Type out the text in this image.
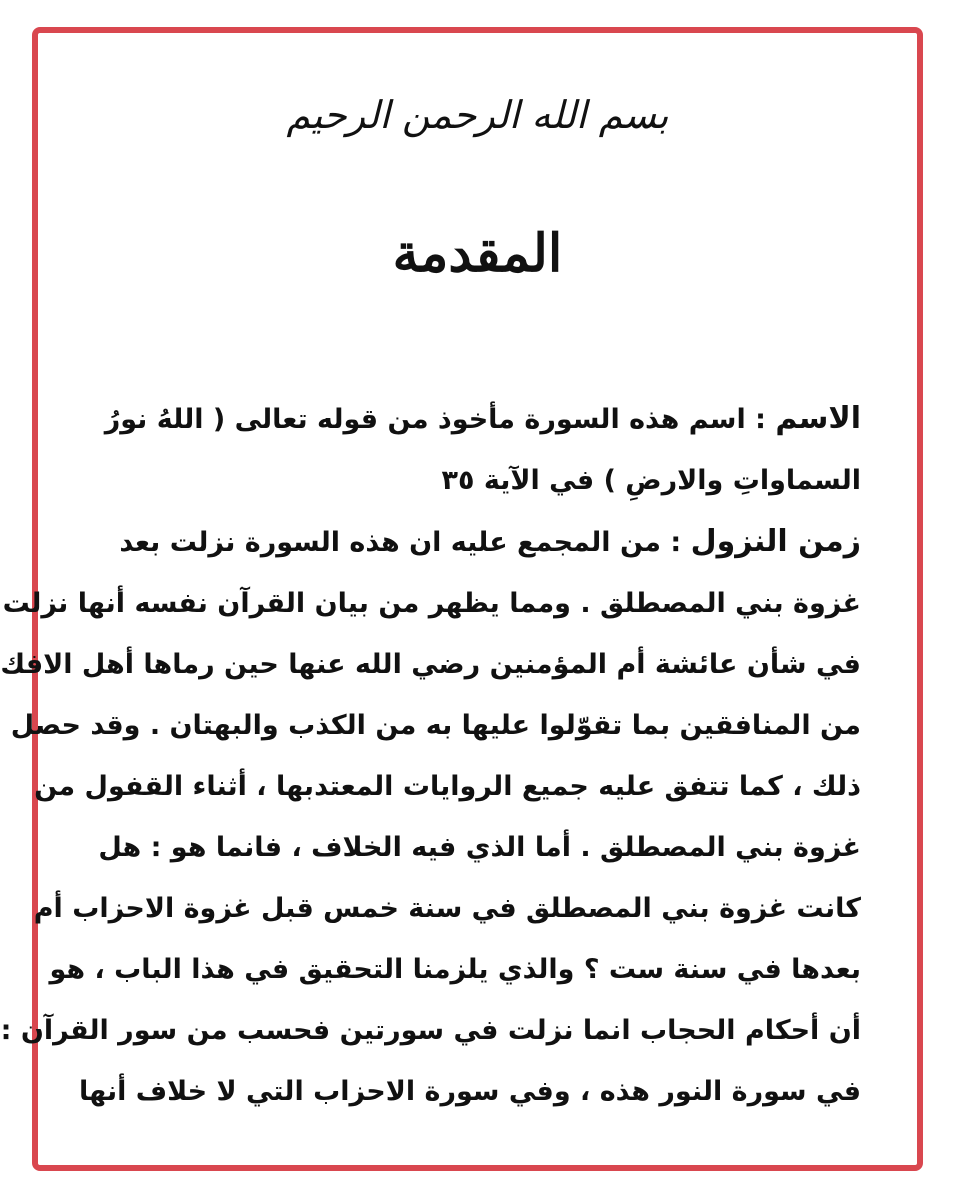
بسم الله الرحمن الرحيم
المقدمة
الاسم : اسم هذه السورة مأخوذ من قوله تعالى ( اللهُ نورُ
السماواتِ والارضِ ) في الآية ٣٥
زمن النزول : من المجمع عليه ان هذه السورة نزلت بعد
غزوة بني المصطلق . ومما يظهر من بيان القرآن نفسه أنها نزلت
في شأن عائشة أم المؤمنين رضي الله عنها حين رماها أهل الافك
من المنافقين بما تقوّلوا عليها به من الكذب والبهتان . وقد حصل
ذلك ، كما تتفق عليه جميع الروايات المعتدبها ، أثناء القفول من
غزوة بني المصطلق . أما الذي فيه الخلاف ، فانما هو : هل
كانت غزوة بني المصطلق في سنة خمس قبل غزوة الاحزاب أم
بعدها في سنة ست ؟ والذي يلزمنا التحقيق في هذا الباب ، هو
أن أحكام الحجاب انما نزلت في سورتين فحسب من سور القرآن :
في سورة النور هذه ، وفي سورة الاحزاب التي لا خلاف أنها
